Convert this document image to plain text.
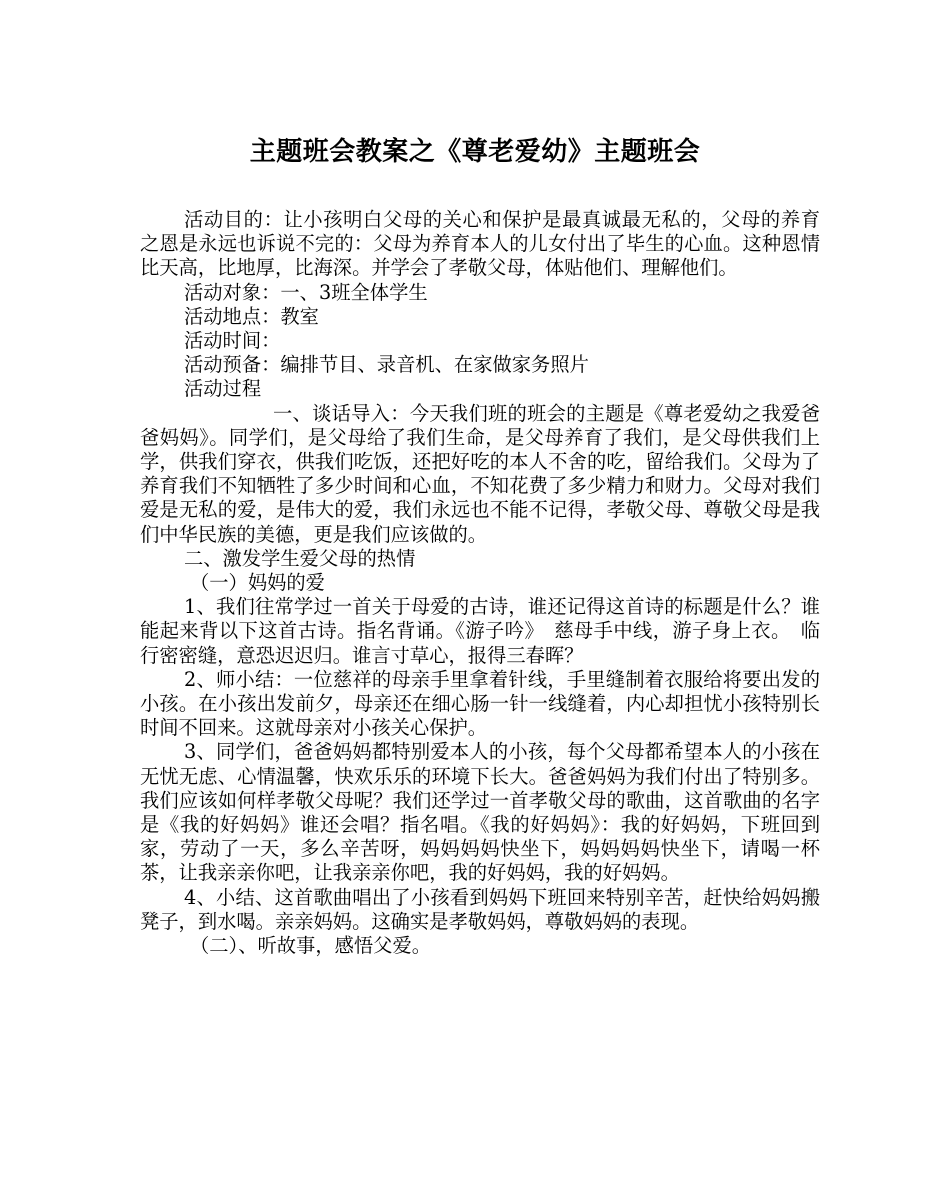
主题班会教案之《尊老爱幼》主题班会

活动目的：让小孩明白父母的关心和保护是最真诚最无私的，父母的养育之恩是永远也诉说不完的：父母为养育本人的儿女付出了毕生的心血。这种恩情比天高，比地厚，比海深。并学会了孝敬父母，体贴他们、理解他们。

活动对象：一、3班全体学生

活动地点：教室

活动时间：

活动预备：编排节目、录音机、在家做家务照片

活动过程

一、谈话导入：今天我们班的班会的主题是《尊老爱幼之我爱爸爸妈妈》。同学们，是父母给了我们生命，是父母养育了我们，是父母供我们上学，供我们穿衣，供我们吃饭，还把好吃的本人不舍的吃，留给我们。父母为了养育我们不知牺牲了多少时间和心血，不知花费了多少精力和财力。父母对我们爱是无私的爱，是伟大的爱，我们永远也不能不记得，孝敬父母、尊敬父母是我们中华民族的美德，更是我们应该做的。

二、激发学生爱父母的热情

（一）妈妈的爱

1、我们往常学过一首关于母爱的古诗，谁还记得这首诗的标题是什么？谁能起来背以下这首古诗。指名背诵。《游子吟》　慈母手中线，游子身上衣。　临行密密缝，意恐迟迟归。谁言寸草心，报得三春晖？

2、师小结：一位慈祥的母亲手里拿着针线，手里缝制着衣服给将要出发的小孩。在小孩出发前夕，母亲还在细心肠一针一线缝着，内心却担忧小孩特别长时间不回来。这就母亲对小孩关心保护。

3、同学们，爸爸妈妈都特别爱本人的小孩，每个父母都希望本人的小孩在无忧无虑、心情温馨，快欢乐乐的环境下长大。爸爸妈妈为我们付出了特别多。我们应该如何样孝敬父母呢？我们还学过一首孝敬父母的歌曲，这首歌曲的名字是《我的好妈妈》谁还会唱？指名唱。《我的好妈妈》：我的好妈妈，下班回到家，劳动了一天，多么辛苦呀，妈妈妈妈快坐下，妈妈妈妈快坐下，请喝一杯茶，让我亲亲你吧，让我亲亲你吧，我的好妈妈，我的好妈妈。

4、小结、这首歌曲唱出了小孩看到妈妈下班回来特别辛苦，赶快给妈妈搬凳子，到水喝。亲亲妈妈。这确实是孝敬妈妈，尊敬妈妈的表现。

（二）、听故事，感悟父爱。
